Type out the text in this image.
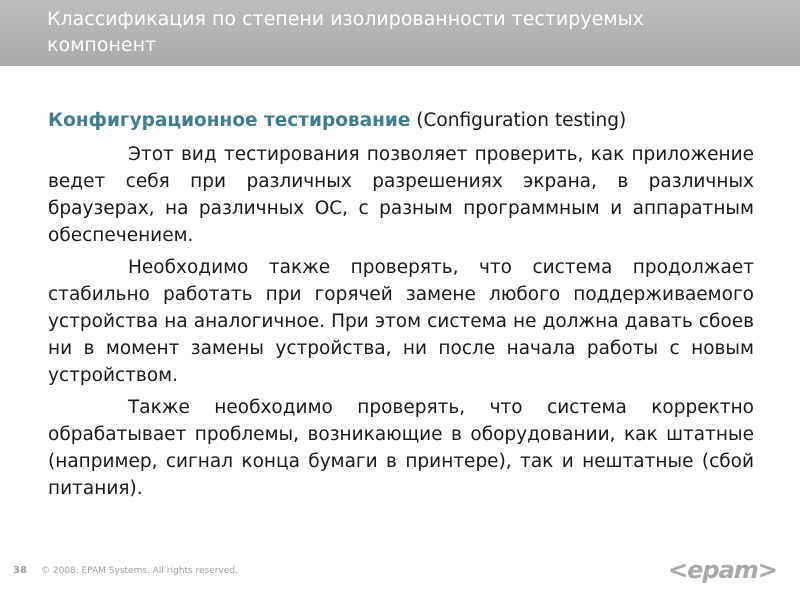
Классификация по степени изолированности тестируемых компонент

Конфигурационное тестирование (Configuration testing)

Этот вид тестирования позволяет проверить, как приложение ведет себя при различных разрешениях экрана, в различных браузерах, на различных ОС, с разным программным и аппаратным обеспечением.

Необходимо также проверять, что система продолжает стабильно работать при горячей замене любого поддерживаемого устройства на аналогичное. При этом система не должна давать сбоев ни в момент замены устройства, ни после начала работы с новым устройством.

Также необходимо проверять, что система корректно обрабатывает проблемы, возникающие в оборудовании, как штатные (например, сигнал конца бумаги в принтере), так и нештатные (сбой питания).

38 © 2008. EPAM Systems. All rights reserved.	<epam>
